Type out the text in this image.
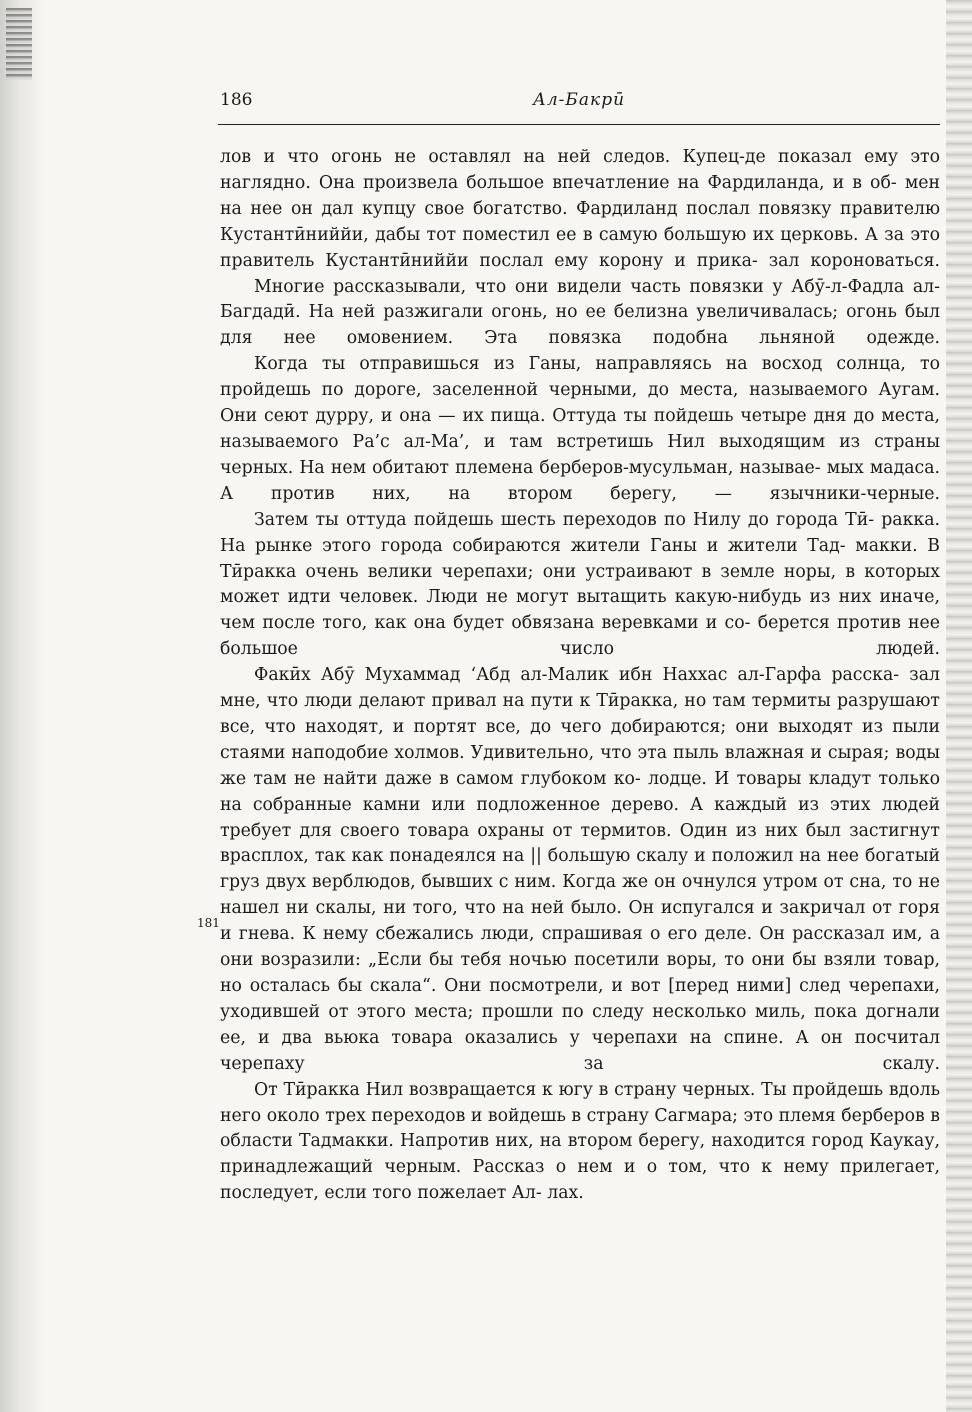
186	Ал-Бакрӣ
181

лов и что огонь не оставлял на ней следов. Купец-де показал ему это наглядно. Она произвела большое впечатление на Фардиланда, и в об- мен на нее он дал купцу свое богатство. Фардиланд послал повязку правителю Кустантӣниййи, дабы тот поместил ее в самую большую их церковь. А за это правитель Кустантӣниййи послал ему корону и прика- зал короноваться.

Многие рассказывали, что они видели часть повязки у Абӯ-л-Фадла ал-Багдадӣ. На ней разжигали огонь, но ее белизна увеличивалась; огонь был для нее омовением. Эта повязка подобна льняной одежде.

Когда ты отправишься из Ганы, направляясь на восход солнца, то пройдешь по дороге, заселенной черными, до места, называемого Аугам. Они сеют дурру, и она — их пища. Оттуда ты пойдешь четыре дня до места, называемого Ра’с ал-Ма’, и там встретишь Нил выходящим из страны черных. На нем обитают племена берберов-мусульман, называе- мых мадаса. А против них, на втором берегу, — язычники-черные.

Затем ты оттуда пойдешь шесть переходов по Нилу до города Тӣ- ракка. На рынке этого города собираются жители Ганы и жители Тад- макки. В Тӣракка очень велики черепахи; они устраивают в земле норы, в которых может идти человек. Люди не могут вытащить какую-нибудь из них иначе, чем после того, как она будет обвязана веревками и со- берется против нее большое число людей.

Факӣх Абӯ Мухаммад ‘Абд ал-Малик ибн Наххас ал-Гарфа расска- зал мне, что люди делают привал на пути к Тӣракка, но там термиты разрушают все, что находят, и портят все, до чего добираются; они выходят из пыли стаями наподобие холмов. Удивительно, что эта пыль влажная и сырая; воды же там не найти даже в самом глубоком ко- лодце. И товары кладут только на собранные камни или подложенное дерево. А каждый из этих людей требует для своего товара охраны от термитов. Один из них был застигнут врасплох, так как понадеялся на || большую скалу и положил на нее богатый груз двух верблюдов, бывших с ним. Когда же он очнулся утром от сна, то не нашел ни скалы, ни того, что на ней было. Он испугался и закричал от горя и гнева. К нему сбежались люди, спрашивая о его деле. Он рассказал им, а они возразили: „Если бы тебя ночью посетили воры, то они бы взяли товар, но осталась бы скала“. Они посмотрели, и вот [перед ними] след черепахи, уходившей от этого места; прошли по следу несколько миль, пока догнали ее, и два вьюка товара оказались у черепахи на спине. А он посчитал черепаху за скалу.

От Тӣракка Нил возвращается к югу в страну черных. Ты пройдешь вдоль него около трех переходов и войдешь в страну Сагмара; это племя берберов в области Тадмакки. Напротив них, на втором берегу, находится город Каукау, принадлежащий черным. Рассказ о нем и о том, что к нему прилегает, последует, если того пожелает Ал- лах.
